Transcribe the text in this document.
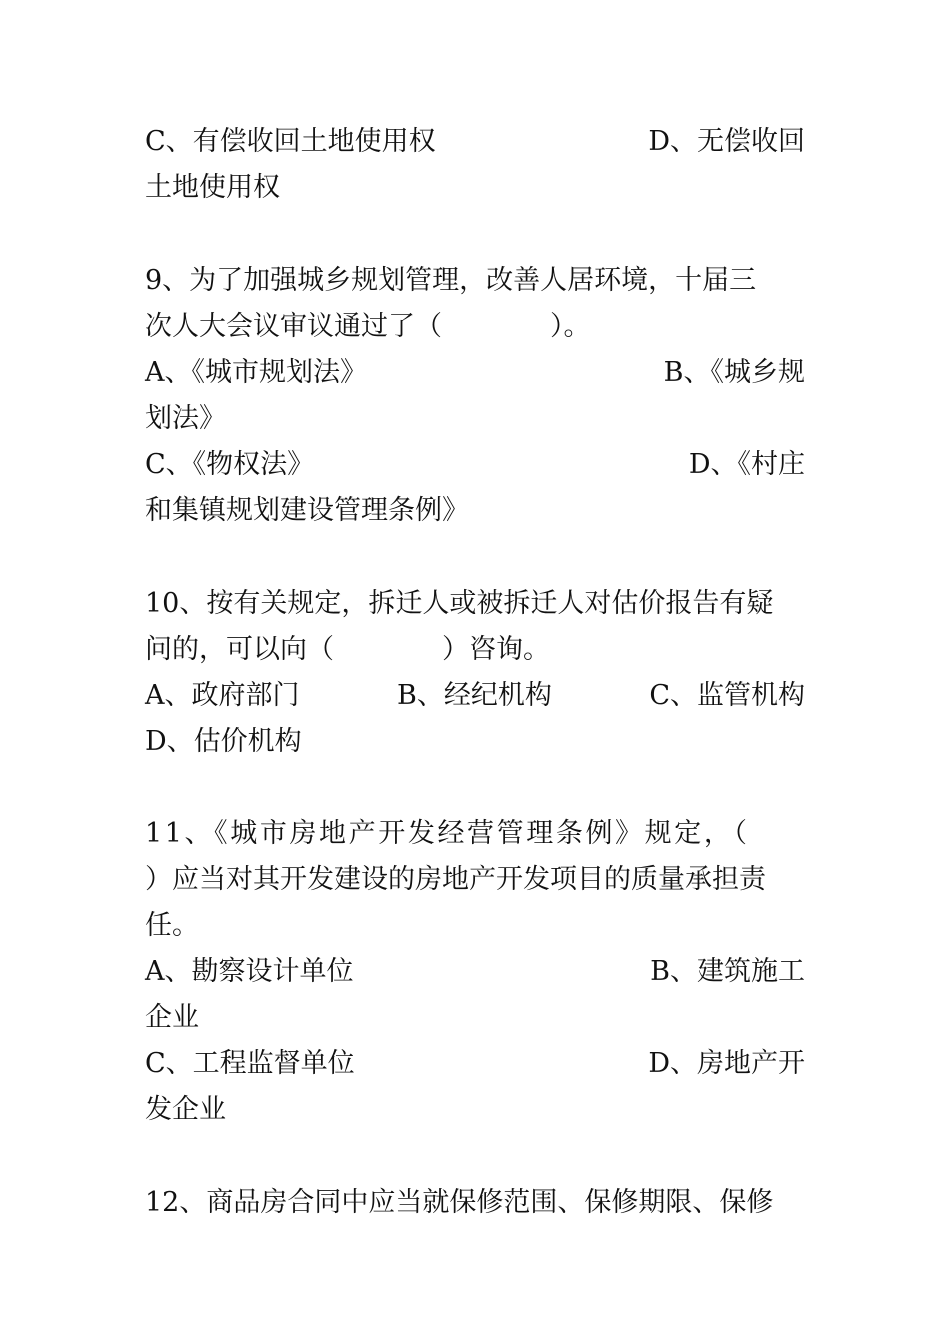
C、有偿收回土地使用权	D、无偿收回
土地使用权
9、为了加强城乡规划管理，改善人居环境，十届三
次人大会议审议通过了（　　　　）。
A、《城市规划法》	B、《城乡规
划法》
C、《物权法》	D、《村庄
和集镇规划建设管理条例》
10、按有关规定，拆迁人或被拆迁人对估价报告有疑
问的，可以向（　　　　）咨询。
A、政府部门	B、经纪机构	C、监管机构
D、估价机构
11、《城市房地产开发经营管理条例》规定，（
）应当对其开发建设的房地产开发项目的质量承担责
任。
A、勘察设计单位	B、建筑施工
企业
C、工程监督单位	D、房地产开
发企业
12、商品房合同中应当就保修范围、保修期限、保修
